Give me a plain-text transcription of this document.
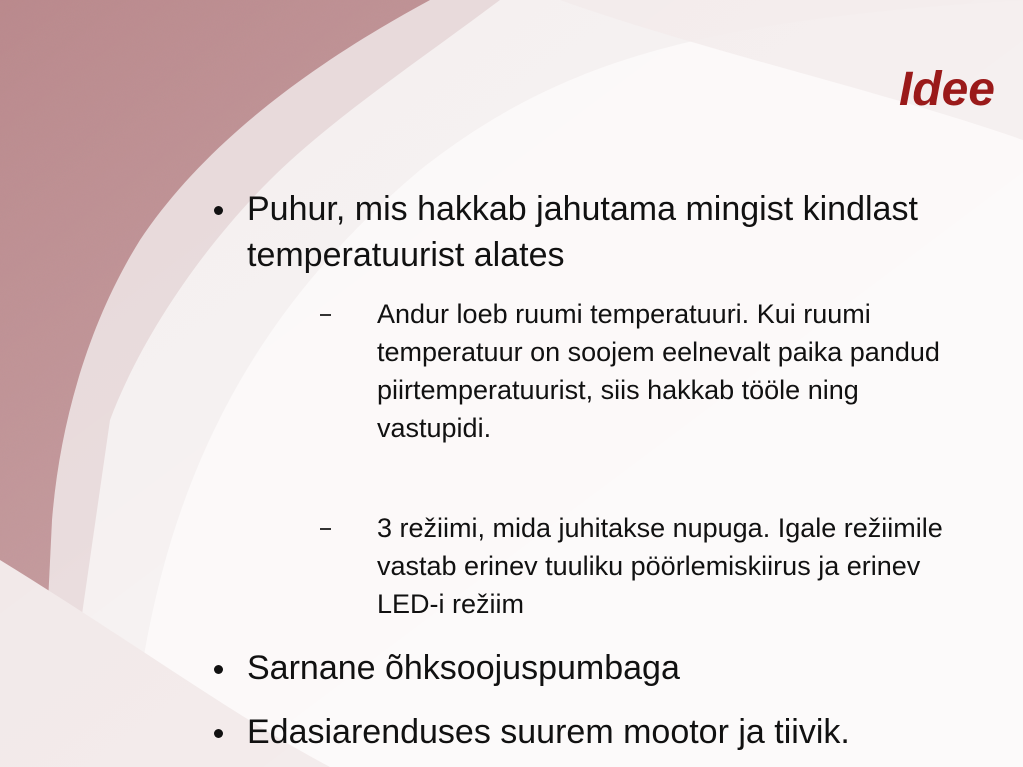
Idee
Puhur, mis hakkab jahutama mingist kindlast temperatuurist alates
Andur loeb ruumi temperatuuri. Kui ruumi temperatuur on soojem eelnevalt paika pandud piirtemperatuurist, siis hakkab tööle ning vastupidi.
3 režiimi, mida juhitakse nupuga. Igale režiimile vastab erinev tuuliku pöörlemiskiirus ja erinev LED-i režiim
Sarnane õhksoojuspumbaga
Edasiarenduses suurem mootor ja tiivik.
